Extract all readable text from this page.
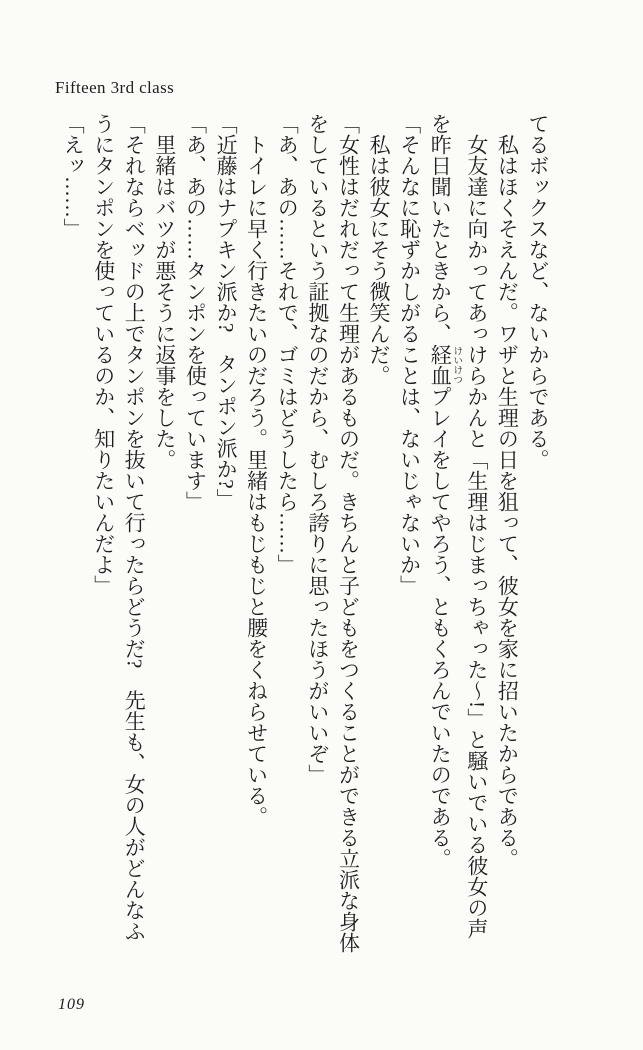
Fifteen 3rd class

てるボックスなど、ないからである。

私はほくそえんだ。ワザと生理の日を狙って、彼女を家に招いたからである。

女友達に向かってあっけらかんと「生理はじまっちゃった〜!」と騒いでいる彼女の声

を昨日聞いたときから、経血 けいけつプレイをしてやろう、ともくろんでいたのである。

「そんなに恥ずかしがることは、ないじゃないか」

私は彼女にそう微笑んだ。

「女性はだれだって生理があるものだ。きちんと子どもをつくることができる立派な身体

をしているという証拠なのだから、むしろ誇りに思ったほうがいいぞ」

「あ、あの……それで、ゴミはどうしたら……」

トイレに早く行きたいのだろう。里緒はもじもじと腰をくねらせている。

「近藤はナプキン派か?　タンポン派か?」

「あ、あの……タンポンを使っています」

里緒はバツが悪そうに返事をした。

「それならベッドの上でタンポンを抜いて行ったらどうだ?　先生も、女の人がどんなふ

うにタンポンを使っているのか、知りたいんだよ」

「えッ……」

109
